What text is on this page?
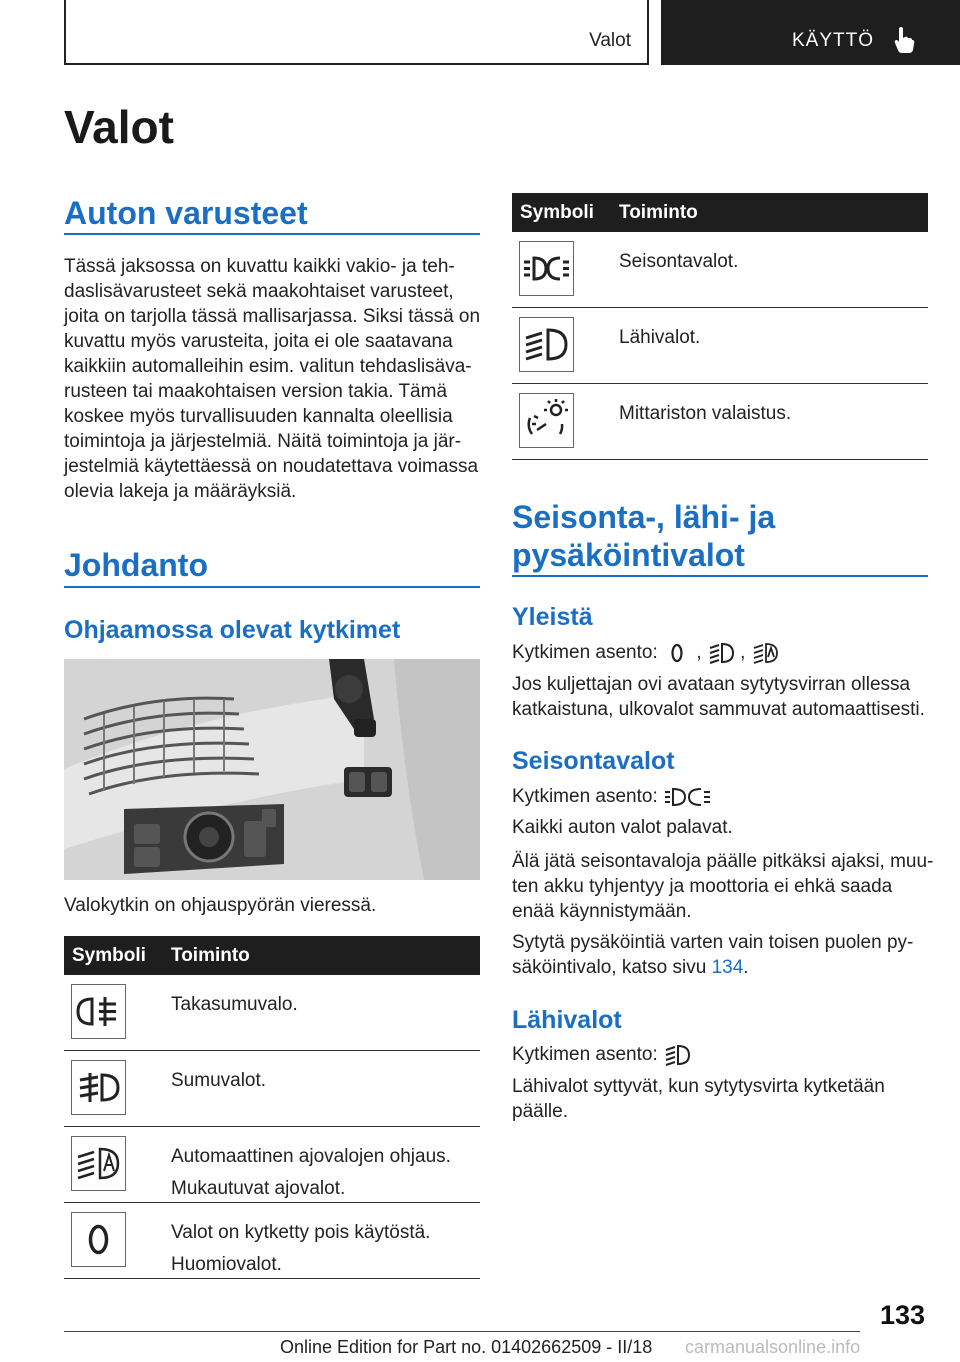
Valot	KÄYTTÖ
Valot
Auton varusteet
Tässä jaksossa on kuvattu kaikki vakio- ja teh-
daslisävarusteet sekä maakohtaiset varusteet,
joita on tarjolla tässä mallisarjassa. Siksi tässä on
kuvattu myös varusteita, joita ei ole saatavana
kaikkiin automalleihin esim. valitun tehdaslisäva-
rusteen tai maakohtaisen version takia. Tämä
koskee myös turvallisuuden kannalta oleellisia
toimintoja ja järjestelmiä. Näitä toimintoja ja jär-
jestelmiä käytettäessä on noudatettava voimassa
olevia lakeja ja määräyksiä.
Johdanto
Ohjaamossa olevat kytkimet
Valokytkin on ohjauspyörän vieressä.
Symboli Toiminto
Takasumuvalo.
Sumuvalot.
Automaattinen ajovalojen ohjaus.
Mukautuvat ajovalot.
Valot on kytketty pois käytöstä.
Huomiovalot.
Symboli Toiminto
Seisontavalot.
Lähivalot.
Mittariston valaistus.
Seisonta-, lähi- ja
pysäköintivalot
Yleistä
Kytkimen asento: , ,
Jos kuljettajan ovi avataan sytytysvirran ollessa
katkaistuna, ulkovalot sammuvat automaattisesti.
Seisontavalot
Kytkimen asento:
Kaikki auton valot palavat.
Älä jätä seisontavaloja päälle pitkäksi ajaksi, muu-
ten akku tyhjentyy ja moottoria ei ehkä saada
enää käynnistymään.
Sytytä pysäköintiä varten vain toisen puolen py-
säköintivalo, katso sivu 134.
Lähivalot
Kytkimen asento:
Lähivalot syttyvät, kun sytytysvirta kytketään
päälle.
133
Online Edition for Part no. 01402662509 - II/18 carmanualsonline.info
